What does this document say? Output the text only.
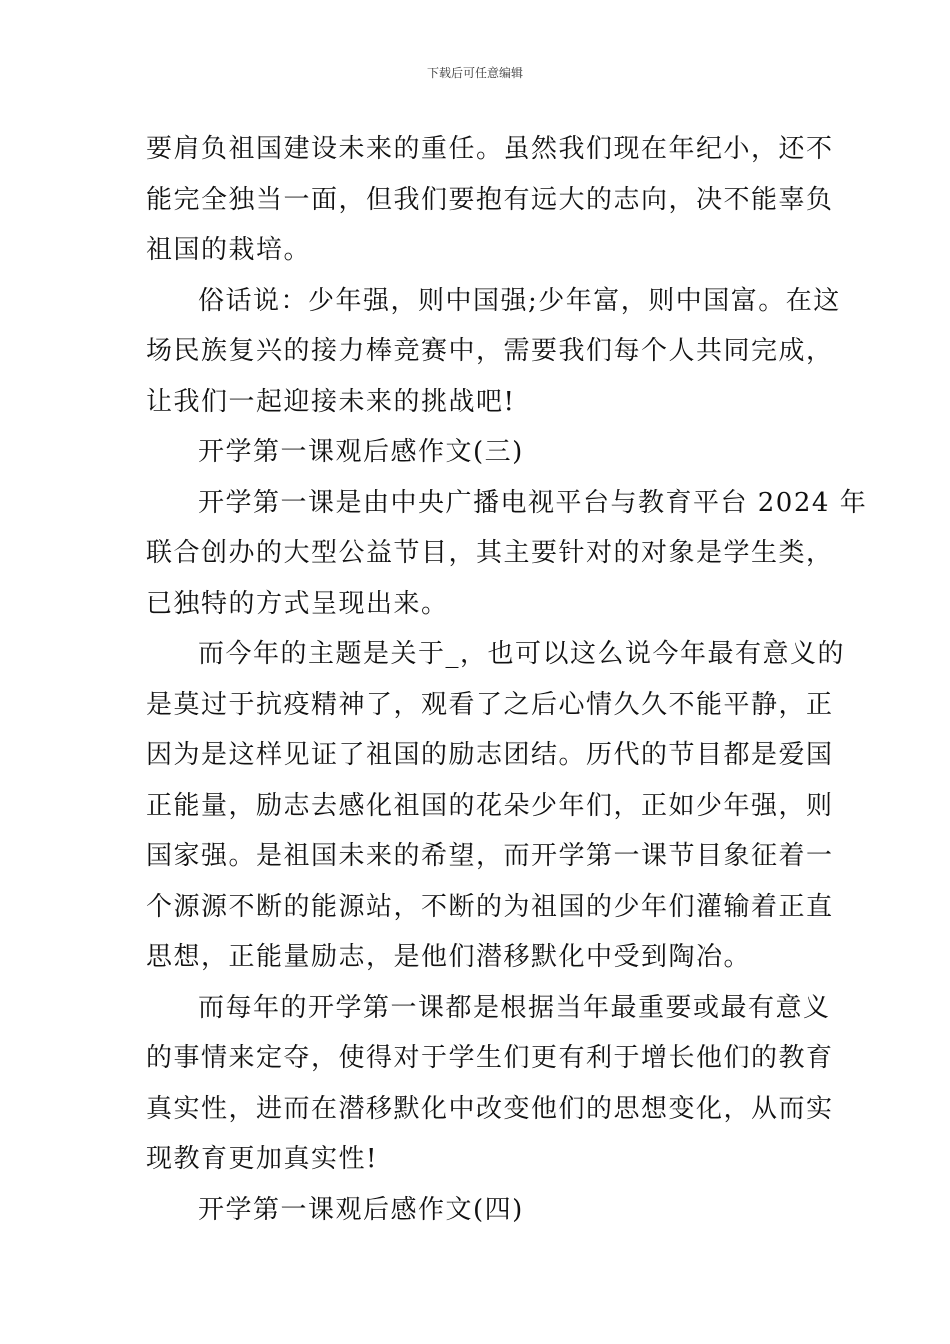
下载后可任意编辑

要肩负祖国建设未来的重任。虽然我们现在年纪小，还不
能完全独当一面，但我们要抱有远大的志向，决不能辜负
祖国的栽培。

俗话说：少年强，则中国强;少年富，则中国富。在这
场民族复兴的接力棒竞赛中，需要我们每个人共同完成，
让我们一起迎接未来的挑战吧!

开学第一课观后感作文(三)

开学第一课是由中央广播电视平台与教育平台 2024 年
联合创办的大型公益节目，其主要针对的对象是学生类，
已独特的方式呈现出来。

而今年的主题是关于_，也可以这么说今年最有意义的
是莫过于抗疫精神了，观看了之后心情久久不能平静，正
因为是这样见证了祖国的励志团结。历代的节目都是爱国
正能量，励志去感化祖国的花朵少年们，正如少年强，则
国家强。是祖国未来的希望，而开学第一课节目象征着一
个源源不断的能源站，不断的为祖国的少年们灌输着正直
思想，正能量励志，是他们潜移默化中受到陶冶。

而每年的开学第一课都是根据当年最重要或最有意义
的事情来定夺，使得对于学生们更有利于增长他们的教育
真实性，进而在潜移默化中改变他们的思想变化，从而实
现教育更加真实性!

开学第一课观后感作文(四)
